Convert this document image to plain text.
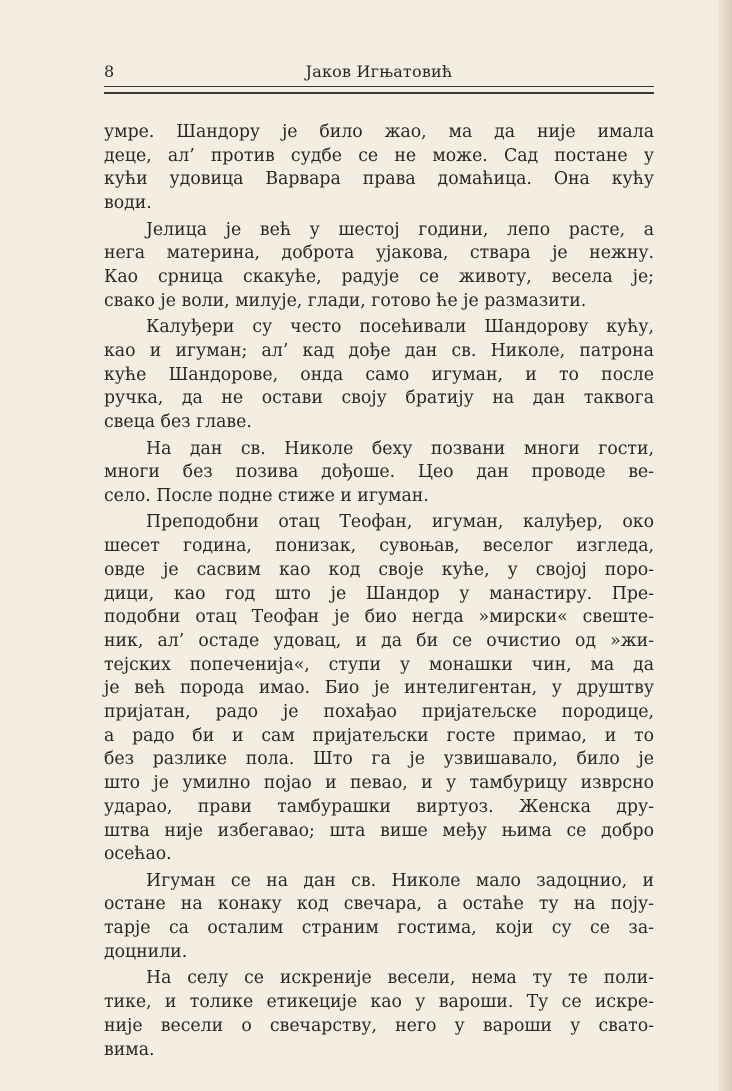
8	Јаков Игњатовић

умре. Шандору је било жао, ма да није имала
деце, ал’ против судбе се не може. Сад постане у
кући удовица Варвара права домаћица. Она кућу
води.

Јелица је већ у шестој години, лепо расте, а
нега материна, доброта ујакова, ствара је нежну.
Као срница скакуће, радује се животу, весела је;
свако је воли, милује, глади, готово ће је размазити.

Калуђери су често посећивали Шандорову кућу,
као и игуман; ал’ кад дође дан св. Николе, патрона
куће Шандорове, онда само игуман, и то после
ручка, да не остави своју братију на дан таквога
свеца без главе.

На дан св. Николе беху позвани многи гости,
многи без позива дођоше. Цео дан проводе ве-
село. После подне стиже и игуман.

Преподобни отац Теофан, игуман, калуђер, око
шесет година, понизак, сувоњав, веселог изгледа,
овде је сасвим као код своје куће, у својој поро-
дици, као год што је Шандор у манастиру. Пре-
подобни отац Теофан је био негда »мирски« свеште-
ник, ал’ остаде удовац, и да би се очистио од »жи-
тејских попеченија«, ступи у монашки чин, ма да
је већ порода имао. Био је интелигентан, у друштву
пријатан, радо је похађао пријатељске породице,
а радо би и сам пријатељски госте примао, и то
без разлике пола. Што га је узвишавало, било је
што је умилно појао и певао, и у тамбурицу изврсно
ударао, прави тамбурашки виртуоз. Женска дру-
штва није избегавао; шта више међу њима се добро
осећао.

Игуман се на дан св. Николе мало задоцнио, и
остане на конаку код свечара, а остаће ту на поју-
тарје са осталим страним гостима, који су се за-
доцнили.

На селу се искреније весели, нема ту те поли-
тике, и толике етикеције као у вароши. Ту се искре-
није весели о свечарству, него у вароши у свато-
вима.
